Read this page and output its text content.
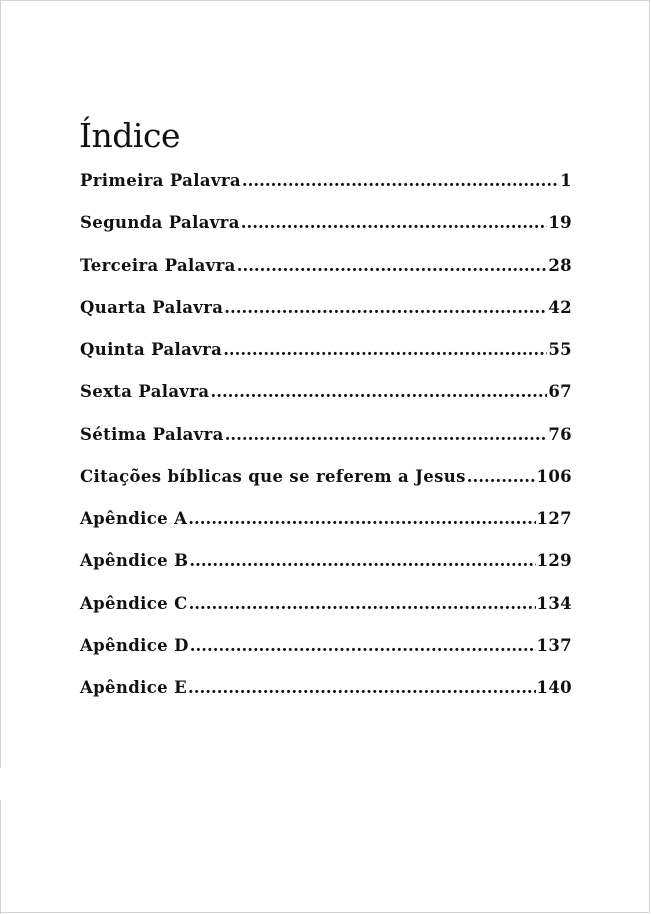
Índice
Primeira Palavra .....	1
Segunda Palavra .....	19
Terceira Palavra .....	28
Quarta Palavra .....	42
Quinta Palavra .....	55
Sexta Palavra .....	67
Sétima Palavra .....	76
Citações bíblicas que se referem a Jesus .....	106
Apêndice A .....	127
Apêndice B .....	129
Apêndice C .....	134
Apêndice D .....	137
Apêndice E .....	140
